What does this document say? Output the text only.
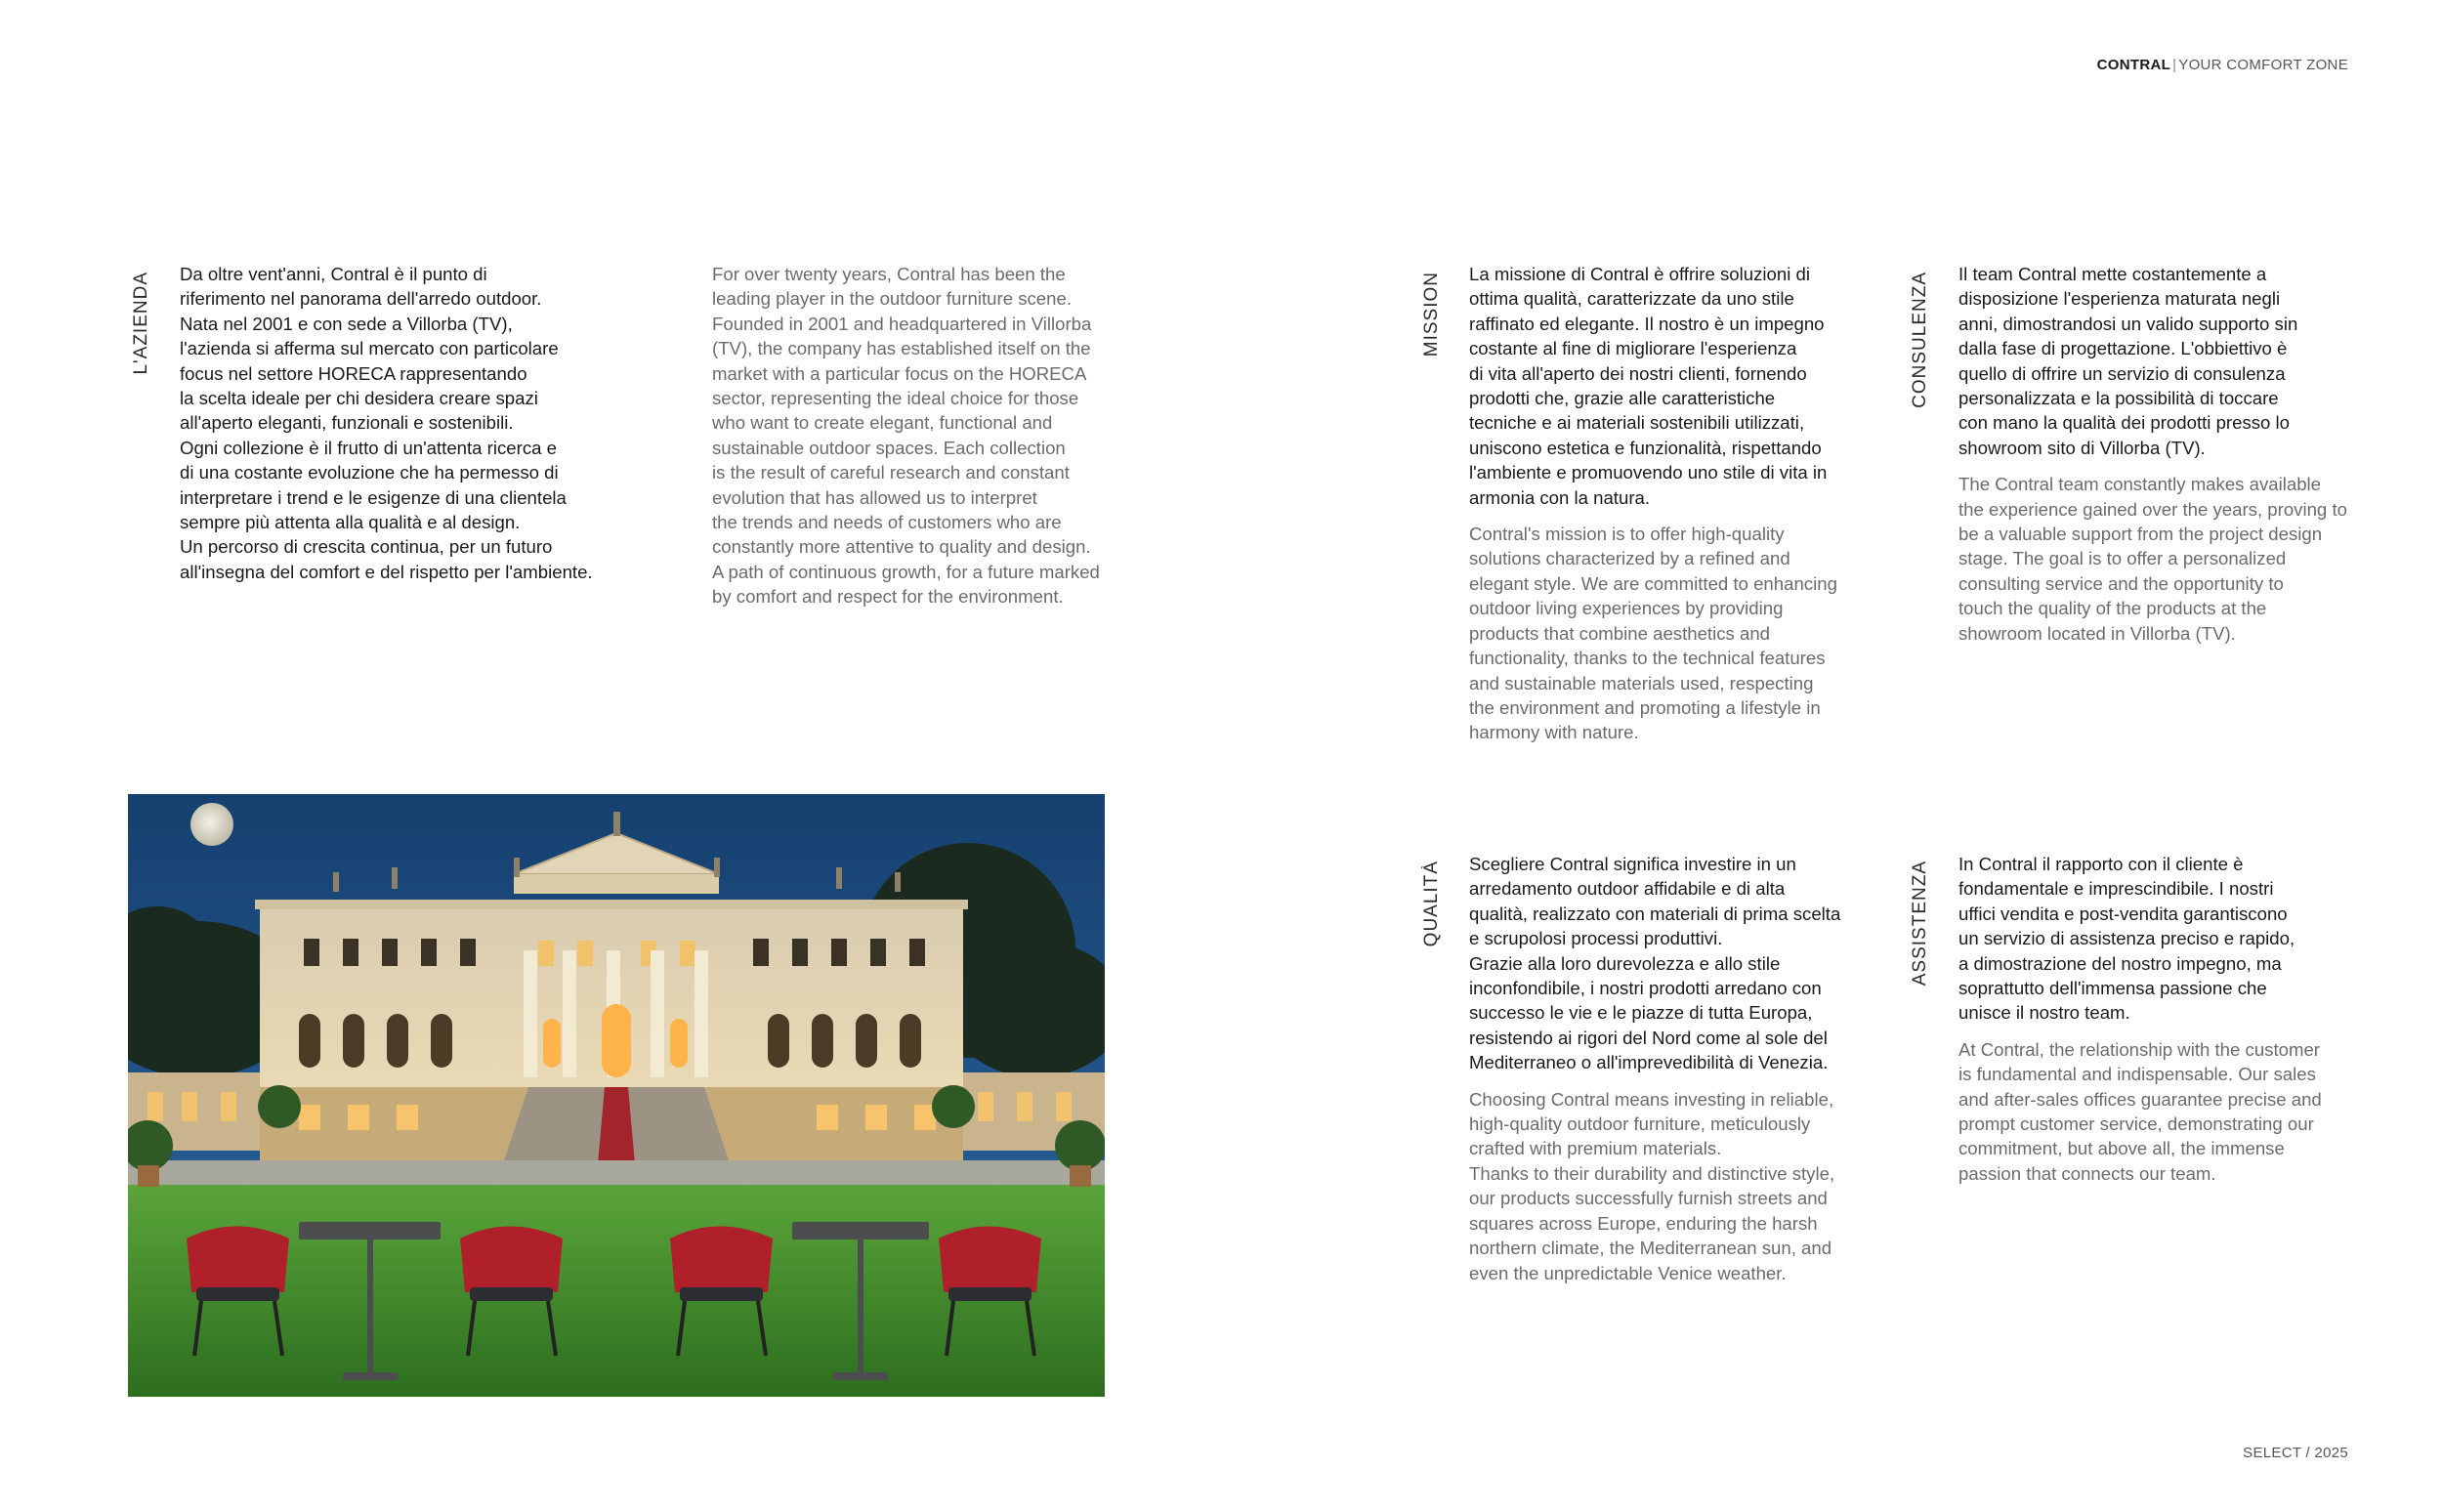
CONTRAL | YOUR COMFORT ZONE
L'AZIENDA Da oltre vent'anni, Contral è il punto di

riferimento nel panorama dell'arredo outdoor.

Nata nel 2001 e con sede a Villorba (TV),

l'azienda si afferma sul mercato con particolare

focus nel settore HORECA rappresentando

la scelta ideale per chi desidera creare spazi

all'aperto eleganti, funzionali e sostenibili.

Ogni collezione è il frutto di un'attenta ricerca e

di una costante evoluzione che ha permesso di

interpretare i trend e le esigenze di una clientela

sempre più attenta alla qualità e al design.

Un percorso di crescita continua, per un futuro

all'insegna del comfort e del rispetto per l'ambiente.

For over twenty years, Contral has been the

leading player in the outdoor furniture scene.

Founded in 2001 and headquartered in Villorba

(TV), the company has established itself on the

market with a particular focus on the HORECA

sector, representing the ideal choice for those

who want to create elegant, functional and

sustainable outdoor spaces. Each collection

is the result of careful research and constant

evolution that has allowed us to interpret

the trends and needs of customers who are

constantly more attentive to quality and design.

A path of continuous growth, for a future marked

by comfort and respect for the environment.

MISSION La missione di Contral è offrire soluzioni di

ottima qualità, caratterizzate da uno stile

raffinato ed elegante. Il nostro è un impegno

costante al fine di migliorare l'esperienza

di vita all'aperto dei nostri clienti, fornendo

prodotti che, grazie alle caratteristiche

tecniche e ai materiali sostenibili utilizzati,

uniscono estetica e funzionalità, rispettando

l'ambiente e promuovendo uno stile di vita in

armonia con la natura.

Contral's mission is to offer high-quality

solutions characterized by a refined and

elegant style. We are committed to enhancing

outdoor living experiences by providing

products that combine aesthetics and

functionality, thanks to the technical features

and sustainable materials used, respecting

the environment and promoting a lifestyle in

harmony with nature.

CONSULENZA Il team Contral mette costantemente a

disposizione l'esperienza maturata negli

anni, dimostrandosi un valido supporto sin

dalla fase di progettazione. L'obbiettivo è

quello di offrire un servizio di consulenza

personalizzata e la possibilità di toccare

con mano la qualità dei prodotti presso lo

showroom sito di Villorba (TV).

The Contral team constantly makes available

the experience gained over the years, proving to

be a valuable support from the project design

stage. The goal is to offer a personalized

consulting service and the opportunity to

touch the quality of the products at the

showroom located in Villorba (TV).

QUALITÀ Scegliere Contral significa investire in un

arredamento outdoor affidabile e di alta

qualità, realizzato con materiali di prima scelta

e scrupolosi processi produttivi.

Grazie alla loro durevolezza e allo stile

inconfondibile, i nostri prodotti arredano con

successo le vie e le piazze di tutta Europa,

resistendo ai rigori del Nord come al sole del

Mediterraneo o all'imprevedibilità di Venezia.

Choosing Contral means investing in reliable,

high-quality outdoor furniture, meticulously

crafted with premium materials.

Thanks to their durability and distinctive style,

our products successfully furnish streets and

squares across Europe, enduring the harsh

northern climate, the Mediterranean sun, and

even the unpredictable Venice weather.

ASSISTENZA In Contral il rapporto con il cliente è

fondamentale e imprescindibile. I nostri

uffici vendita e post-vendita garantiscono

un servizio di assistenza preciso e rapido,

a dimostrazione del nostro impegno, ma

soprattutto dell'immensa passione che

unisce il nostro team.

At Contral, the relationship with the customer

is fundamental and indispensable. Our sales

and after-sales offices guarantee precise and

prompt customer service, demonstrating our

commitment, but above all, the immense

passion that connects our team.

SELECT / 2025
